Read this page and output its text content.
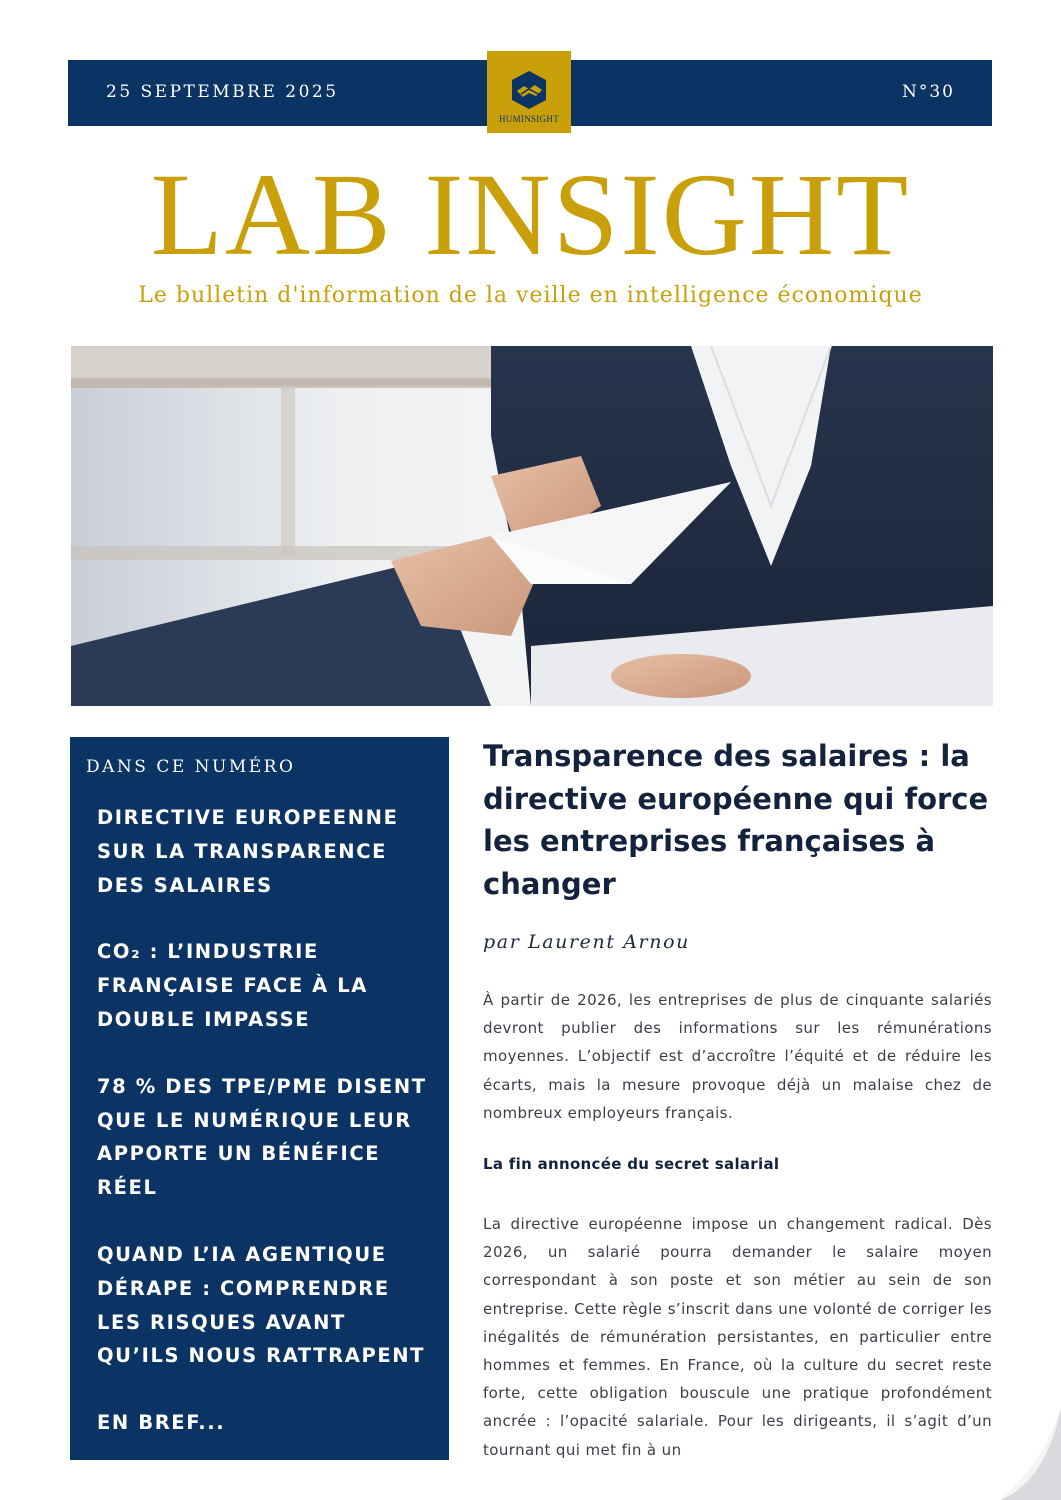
25 SEPTEMBRE 2025	N°30
HUMINSIGHT
LAB INSIGHT
Le bulletin d'information de la veille en intelligence économique
DANS CE NUMÉRO
DIRECTIVE EUROPEENNE SUR LA TRANSPARENCE DES SALAIRES
CO₂ : L’INDUSTRIE FRANÇAISE FACE À LA DOUBLE IMPASSE
78 % DES TPE/PME DISENT QUE LE NUMÉRIQUE LEUR APPORTE UN BÉNÉFICE RÉEL
QUAND L’IA AGENTIQUE DÉRAPE : COMPRENDRE LES RISQUES AVANT QU’ILS NOUS RATTRAPENT
EN BREF...
Transparence des salaires : la directive européenne qui force les entreprises françaises à changer
par Laurent Arnou

À partir de 2026, les entreprises de plus de cinquante salariés devront publier des informations sur les rémunérations moyennes. L’objectif est d’accroître l’équité et de réduire les écarts, mais la mesure provoque déjà un malaise chez de nombreux employeurs français.

La fin annoncée du secret salarial

La directive européenne impose un changement radical. Dès 2026, un salarié pourra demander le salaire moyen correspondant à son poste et son métier au sein de son entreprise. Cette règle s’inscrit dans une volonté de corriger les inégalités de rémunération persistantes, en particulier entre hommes et femmes. En France, où la culture du secret reste forte, cette obligation bouscule une pratique profondément ancrée : l’opacité salariale. Pour les dirigeants, il s’agit d’un tournant qui met fin à un
